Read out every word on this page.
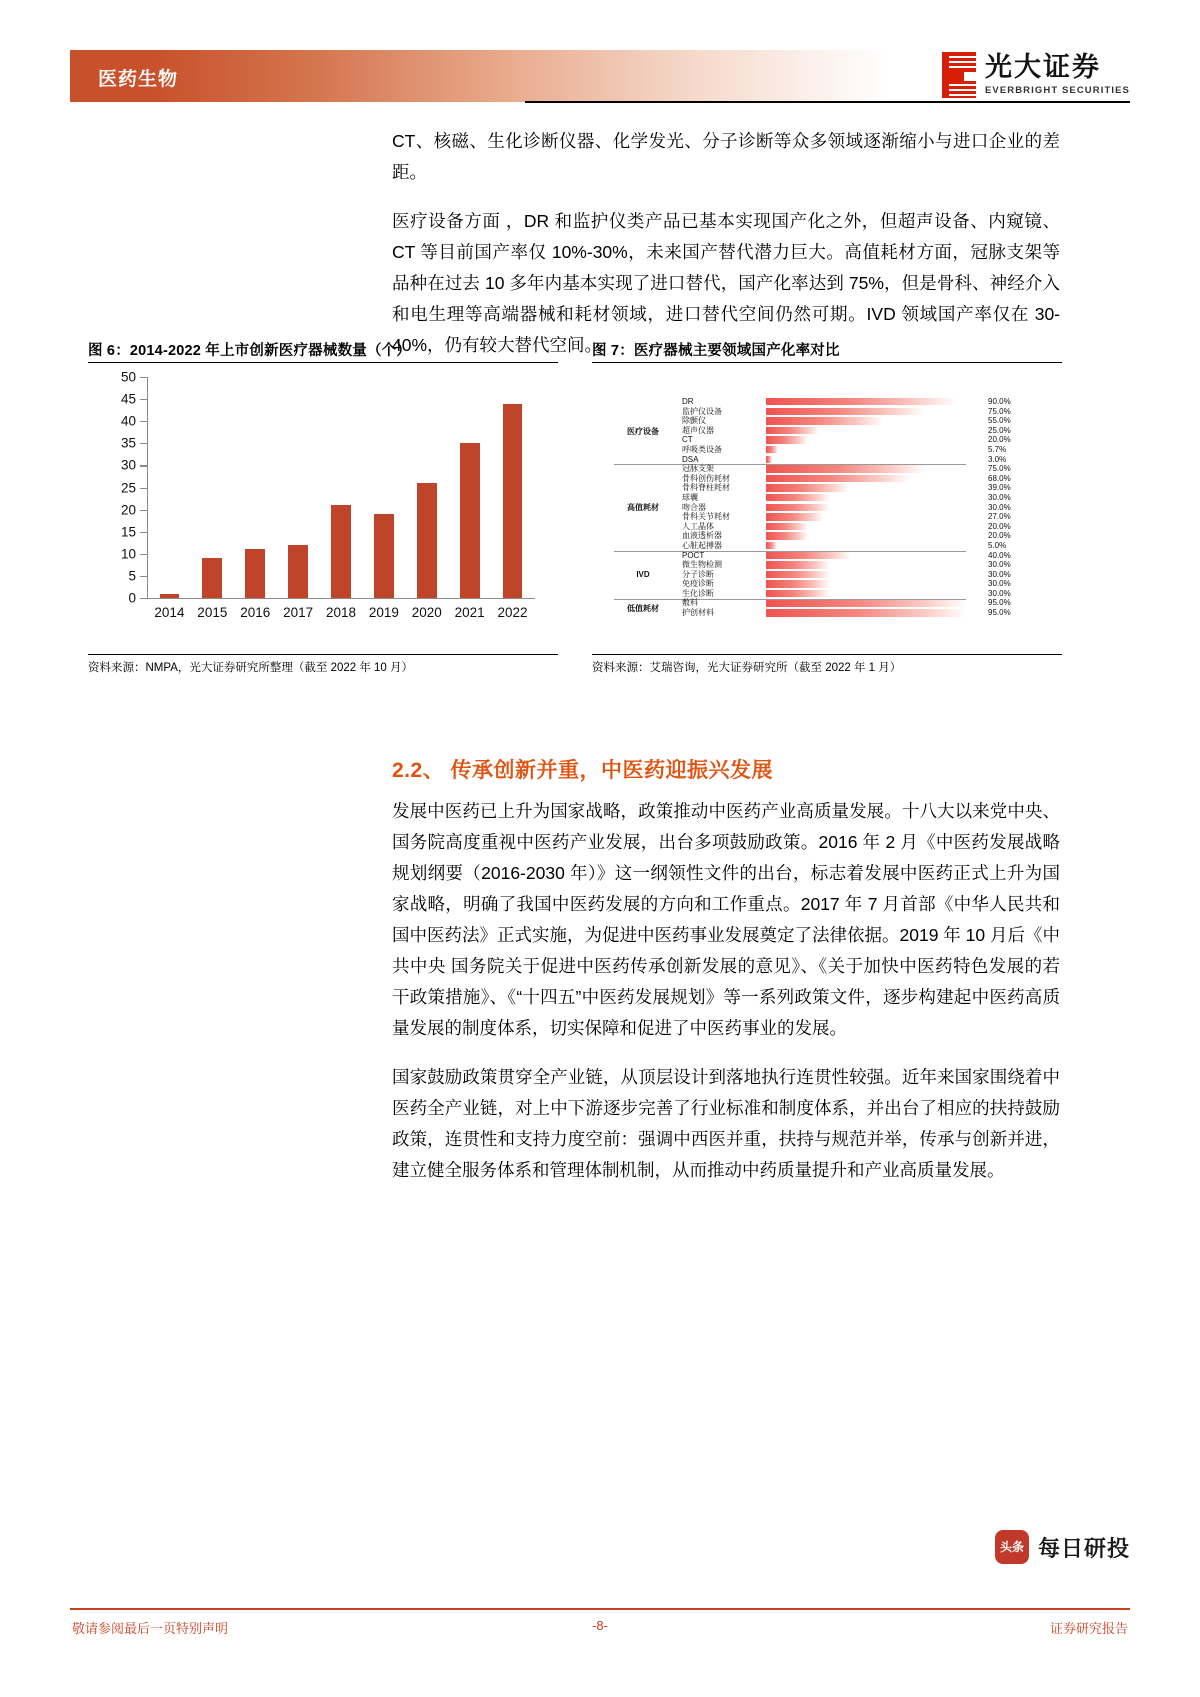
医药生物	光大证券
EVERBRIGHT SECURITIES

CT、核磁、生化诊断仪器、化学发光、分子诊断等众多领域逐渐缩小与进口企业的差距。

医疗设备方面 ，DR 和监护仪类产品已基本实现国产化之外，但超声设备、内窥镜、CT 等目前国产率仅 10%-30%，未来国产替代潜力巨大。高值耗材方面，冠脉支架等品种在过去 10 多年内基本实现了进口替代，国产化率达到 75%，但是骨科、神经介入和电生理等高端器械和耗材领域，进口替代空间仍然可期。IVD 领域国产率仅在 30-40%，仍有较大替代空间。

图 6：2014-2022 年上市创新医疗器械数量（个）
0
5
10
15
20
25
30
35
40
45
50
2014 2015 2016 2017 2018 2019 2020 2021 2022
资料来源：NMPA，光大证券研究所整理（截至 2022 年 10 月）
图 7：医疗器械主要领域国产化率对比
DR	90.0%
监护仪设备	75.0%
除颤仪	55.0%
超声仪器	25.0%
CT	20.0%
呼吸类设备	5.7%
DSA	3.0%
医疗设备
冠脉支架	75.0%
骨科创伤耗材	68.0%
骨科脊柱耗材	39.0%
球囊	30.0%
吻合器	30.0%
骨科关节耗材	27.0%
人工晶体	20.0%
血液透析器	20.0%
心脏起搏器	5.0%
高值耗材
POCT	40.0%
微生物检测	30.0%
分子诊断	30.0%
免疫诊断	30.0%
生化诊断	30.0%
IVD
敷料	95.0%
护创材料	95.0%
低值耗材
资料来源：艾瑞咨询，光大证券研究所（截至 2022 年 1 月）
2.2、 传承创新并重，中医药迎振兴发展

发展中医药已上升为国家战略，政策推动中医药产业高质量发展。十八大以来党中央、国务院高度重视中医药产业发展，出台多项鼓励政策。2016 年 2 月《中医药发展战略规划纲要（2016-2030 年）》这一纲领性文件的出台，标志着发展中医药正式上升为国家战略，明确了我国中医药发展的方向和工作重点。2017 年 7 月首部《中华人民共和国中医药法》正式实施，为促进中医药事业发展奠定了法律依据。2019 年 10 月后《中共中央 国务院关于促进中医药传承创新发展的意见》、《关于加快中医药特色发展的若干政策措施》、《“十四五”中医药发展规划》等一系列政策文件，逐步构建起中医药高质量发展的制度体系，切实保障和促进了中医药事业的发展。

国家鼓励政策贯穿全产业链，从顶层设计到落地执行连贯性较强。近年来国家围绕着中医药全产业链，对上中下游逐步完善了行业标准和制度体系，并出台了相应的扶持鼓励政策，连贯性和支持力度空前：强调中西医并重，扶持与规范并举，传承与创新并进，建立健全服务体系和管理体制机制，从而推动中药质量提升和产业高质量发展。

头条 每日研投
敬请参阅最后一页特别声明	-8-	证券研究报告
